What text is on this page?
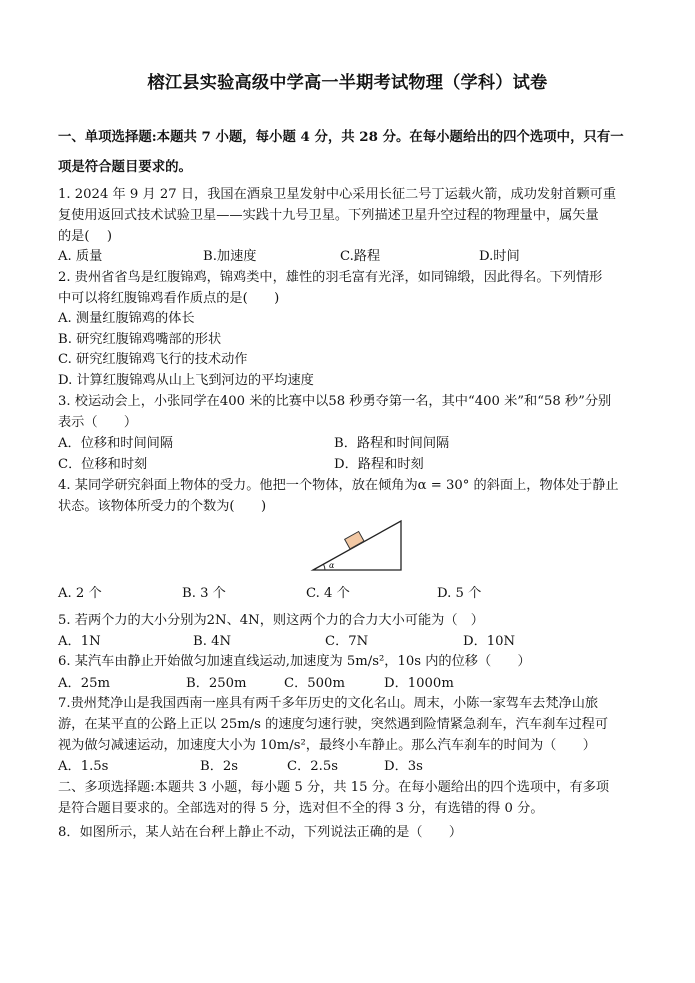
榕江县实验高级中学高一半期考试物理（学科）试卷
一、单项选择题:本题共 7 小题，每小题 4 分，共 28 分。在每小题给出的四个选项中，只有一
项是符合题目要求的。
1. 2024 年 9 月 27 日，我国在酒泉卫星发射中心采用长征二号丁运载火箭，成功发射首颗可重
复使用返回式技术试验卫星——实践十九号卫星。下列描述卫星升空过程的物理量中，属矢量
的是(　 )
A. 质量	B.加速度	C.路程	D.时间
2. 贵州省省鸟是红腹锦鸡，锦鸡类中，雄性的羽毛富有光泽，如同锦缎，因此得名。下列情形
中可以将红腹锦鸡看作质点的是(　　)
A. 测量红腹锦鸡的体长
B. 研究红腹锦鸡嘴部的形状
C. 研究红腹锦鸡飞行的技术动作
D. 计算红腹锦鸡从山上飞到河边的平均速度
3. 校运动会上，小张同学在400 米的比赛中以58 秒勇夺第一名，其中“400 米”和“58 秒”分别
表示（　　）
A．位移和时间间隔	B．路程和时间间隔
C．位移和时刻	D．路程和时刻
4. 某同学研究斜面上物体的受力。他把一个物体，放在倾角为α = 30° 的斜面上，物体处于静止
状态。该物体所受力的个数为(　　)
α
A. 2 个	B. 3 个	C. 4 个	D. 5 个
5. 若两个力的大小分别为2N、4N，则这两个力的合力大小可能为（　）
A．1N	B. 4N	C．7N	D．10N
6. 某汽车由静止开始做匀加速直线运动,加速度为 5m/s²，10s 内的位移（　　）
A．25m	B．250m	C．500m	D．1000m
7.贵州梵净山是我国西南一座具有两千多年历史的文化名山。周末，小陈一家驾车去梵净山旅
游，在某平直的公路上正以 25m/s 的速度匀速行驶，突然遇到险情紧急刹车，汽车刹车过程可
视为做匀减速运动，加速度大小为 10m/s²，最终小车静止。那么汽车刹车的时间为（　　）
A．1.5s	B．2s	C．2.5s	D．3s
二、多项选择题:本题共 3 小题，每小题 5 分，共 15 分。在每小题给出的四个选项中，有多项
是符合题目要求的。全部选对的得 5 分，选对但不全的得 3 分，有选错的得 0 分。
8．如图所示，某人站在台秤上静止不动，下列说法正确的是（　　）
